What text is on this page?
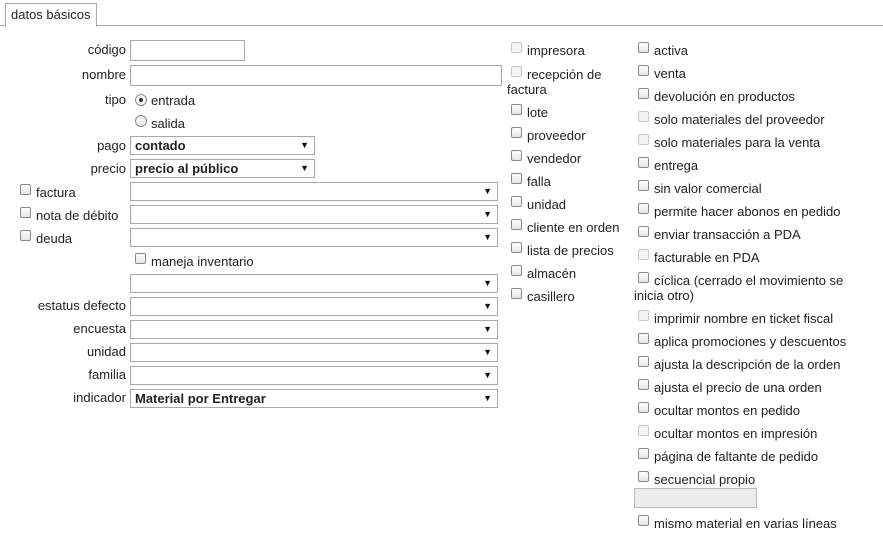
datos básicos
código
nombre
tipo entrada
salida
pago contado	▼
precio precio al público	▼
factura	▼
nota de débito	▼
deuda	▼
maneja inventario
▼
estatus defecto	▼
encuesta	▼
unidad	▼
familia	▼
indicador Material por Entregar	▼
impresora
recepción de
factura
lote
proveedor
vendedor
falla
unidad
cliente en orden
lista de precios
almacén
casillero
activa
venta
devolución en productos
solo materiales del proveedor
solo materiales para la venta
entrega
sin valor comercial
permite hacer abonos en pedido
enviar transacción a PDA
facturable en PDA
cíclica (cerrado el movimiento se
inicia otro)
imprimir nombre en ticket fiscal
aplica promociones y descuentos
ajusta la descripción de la orden
ajusta el precio de una orden
ocultar montos en pedido
ocultar montos en impresión
página de faltante de pedido
secuencial propio
mismo material en varias líneas
